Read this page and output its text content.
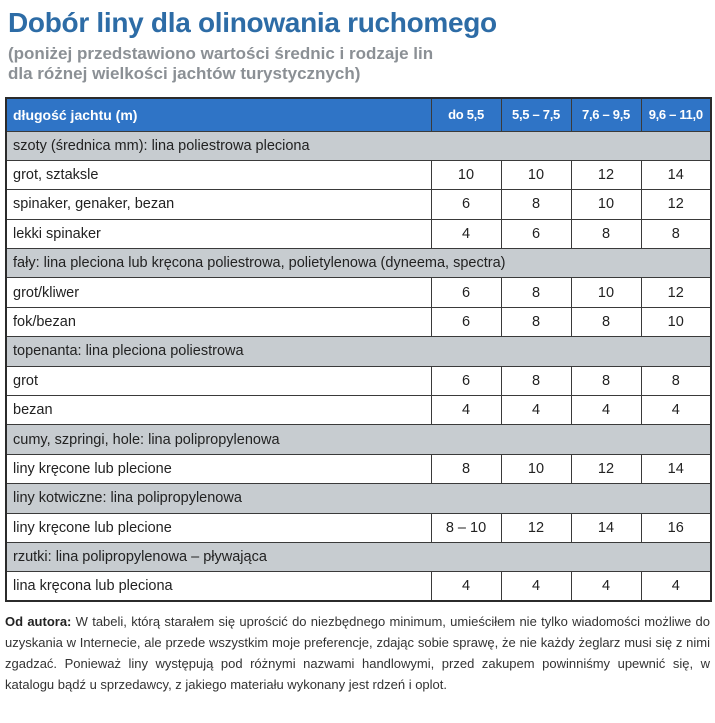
Dobór liny dla olinowania ruchomego
(poniżej przedstawiono wartości średnic i rodzaje lin
dla różnej wielkości jachtów turystycznych)
długość jachtu (m)	do 5,5	5,5 – 7,5	7,6 – 9,5	9,6 – 11,0
szoty (średnica mm): lina poliestrowa pleciona				
grot, sztaksle	10	10	12	14
spinaker, genaker, bezan	6	8	10	12
lekki spinaker	4	6	8	8
fały: lina pleciona lub kręcona poliestrowa, polietylenowa (dyneema, spectra)				
grot/kliwer	6	8	10	12
fok/bezan	6	8	8	10
topenanta: lina pleciona poliestrowa				
grot	6	8	8	8
bezan	4	4	4	4
cumy, szpringi, hole: lina polipropylenowa				
liny kręcone lub plecione	8	10	12	14
liny kotwiczne: lina polipropylenowa				
liny kręcone lub plecione	8 – 10	12	14	16
rzutki: lina polipropylenowa – pływająca				
lina kręcona lub pleciona	4	4	4	4

Od autora: W tabeli, którą starałem się uprościć do niezbędnego minimum, umieściłem nie tylko wiadomości możliwe do uzyskania w Internecie, ale przede wszystkim moje preferencje, zdając sobie sprawę, że nie każdy żeglarz musi się z nimi zgadzać. Ponieważ liny występują pod różnymi nazwami handlowymi, przed zakupem powinniśmy upewnić się, w katalogu bądź u sprzedawcy, z jakiego materiału wykonany jest rdzeń i oplot.
